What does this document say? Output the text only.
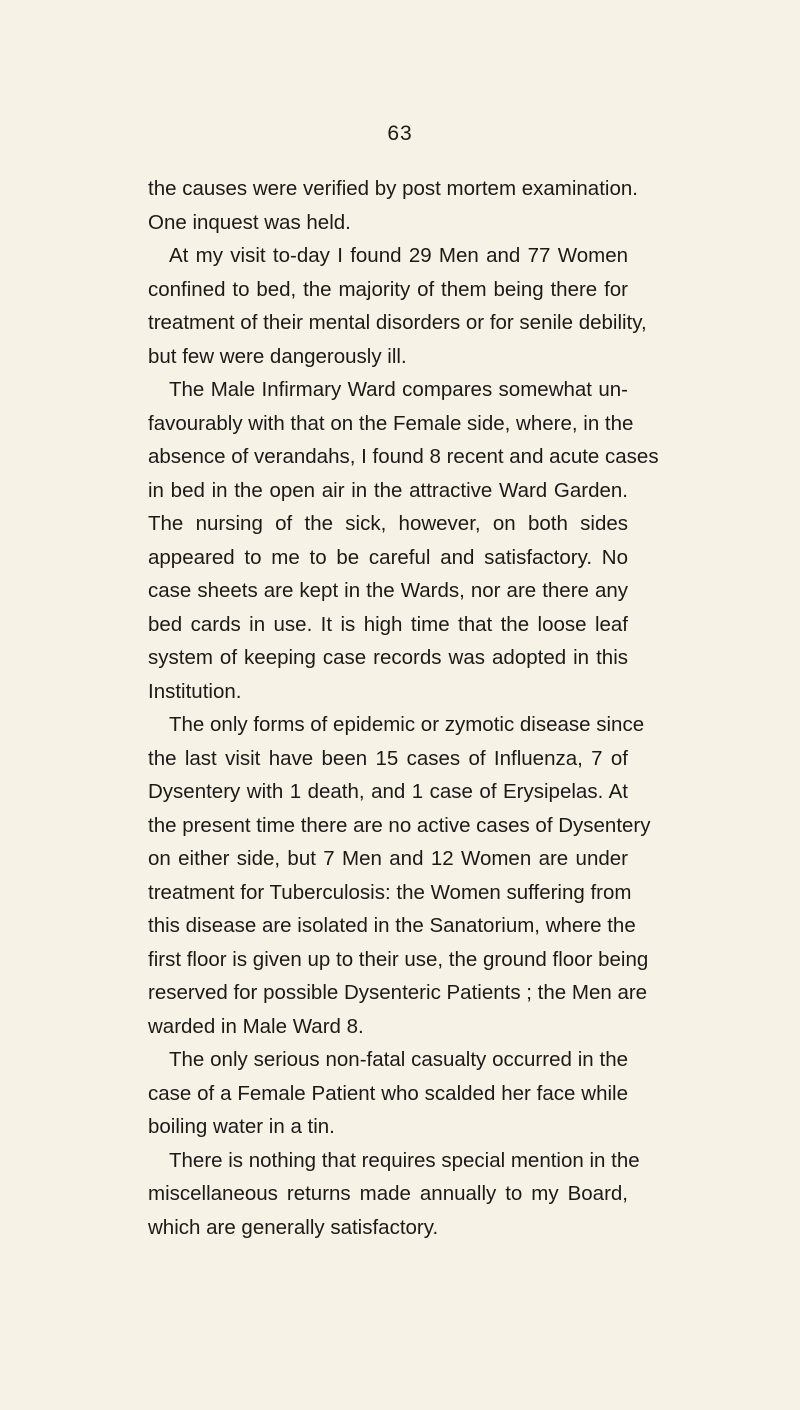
63
the causes were verified by post mortem examination.
One inquest was held.
At my visit to-day I found 29 Men and 77 Women
confined to bed, the majority of them being there for
treatment of their mental disorders or for senile debility,
but few were dangerously ill.
The Male Infirmary Ward compares somewhat un-
favourably with that on the Female side, where, in the
absence of verandahs, I found 8 recent and acute cases
in bed in the open air in the attractive Ward Garden.
The nursing of the sick, however, on both sides
appeared to me to be careful and satisfactory. No
case sheets are kept in the Wards, nor are there any
bed cards in use. It is high time that the loose leaf
system of keeping case records was adopted in this
Institution.
The only forms of epidemic or zymotic disease since
the last visit have been 15 cases of Influenza, 7 of
Dysentery with 1 death, and 1 case of Erysipelas. At
the present time there are no active cases of Dysentery
on either side, but 7 Men and 12 Women are under
treatment for Tuberculosis: the Women suffering from
this disease are isolated in the Sanatorium, where the
first floor is given up to their use, the ground floor being
reserved for possible Dysenteric Patients ; the Men are
warded in Male Ward 8.
The only serious non-fatal casualty occurred in the
case of a Female Patient who scalded her face while
boiling water in a tin.
There is nothing that requires special mention in the
miscellaneous returns made annually to my Board,
which are generally satisfactory.
